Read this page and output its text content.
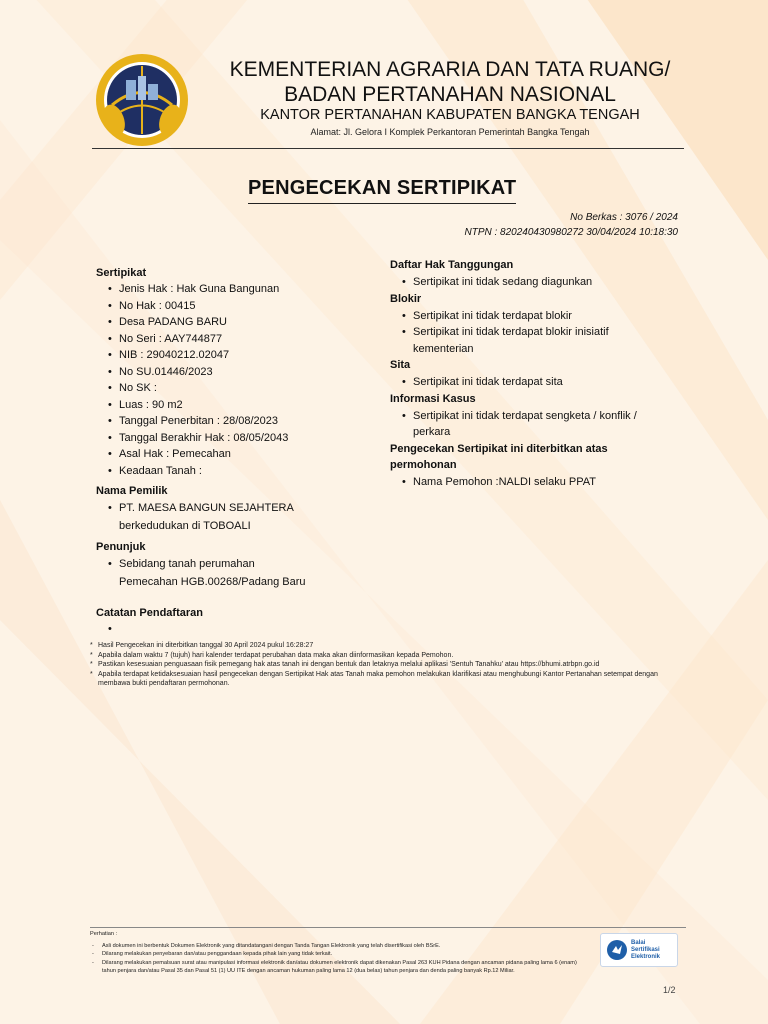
KEMENTERIAN AGRARIA DAN TATA RUANG/
BADAN PERTANAHAN NASIONAL
KANTOR PERTANAHAN KABUPATEN BANGKA TENGAH
Alamat: Jl. Gelora I Komplek Perkantoran Pemerintah Bangka Tengah
PENGECEKAN SERTIPIKAT
No Berkas : 3076 / 2024
NTPN : 820240430980272 30/04/2024 10:18:30
Sertipikat
• Jenis Hak : Hak Guna Bangunan
• No Hak : 00415
• Desa PADANG BARU
• No Seri : AAY744877
• NIB : 29040212.02047
• No SU.01446/2023
• No SK :
• Luas : 90 m2
• Tanggal Penerbitan : 28/08/2023
• Tanggal Berakhir Hak : 08/05/2043
• Asal Hak : Pemecahan
• Keadaan Tanah :
Nama Pemilik
• PT. MAESA BANGUN SEJAHTERA
berkedudukan di TOBOALI
Penunjuk
• Sebidang tanah perumahan
Pemecahan HGB.00268/Padang Baru
Catatan Pendaftaran
•

Daftar Hak Tanggungan
• Sertipikat ini tidak sedang diagunkan
Blokir
• Sertipikat ini tidak terdapat blokir
• Sertipikat ini tidak terdapat blokir inisiatif
kementerian
Sita
• Sertipikat ini tidak terdapat sita
Informasi Kasus
• Sertipikat ini tidak terdapat sengketa / konflik /
perkara
Pengecekan Sertipikat ini diterbitkan atas
permohonan
• Nama Pemohon :NALDI selaku PPAT
* Hasil Pengecekan ini diterbitkan tanggal 30 April 2024 pukul 16:28:27
* Apabila dalam waktu 7 (tujuh) hari kalender terdapat perubahan data maka akan diinformasikan kepada Pemohon.
* Pastikan kesesuaian penguasaan fisik pemegang hak atas tanah ini dengan bentuk dan letaknya melalui aplikasi 'Sentuh Tanahku' atau https://bhumi.atrbpn.go.id
* Apabila terdapat ketidaksesuaian hasil pengecekan dengan Sertipikat Hak atas Tanah maka pemohon melakukan klarifikasi atau menghubungi Kantor Pertanahan setempat dengan membawa bukti pendaftaran permohonan.
Perhatian :
- Asli dokumen ini berbentuk Dokumen Elektronik yang ditandatangani dengan Tanda Tangan Elektronik yang telah disertifikasi oleh BSrE.
- Dilarang melakukan penyebaran dan/atau penggandaan kepada pihak lain yang tidak terkait.
- Dilarang melakukan pemalsuan surat atau manipulasi informasi elektronik dan/atau dokumen elektronik dapat dikenakan Pasal 263 KUH Pidana dengan ancaman pidana paling lama 6 (enam) tahun penjara dan/atau Pasal 35 dan Pasal 51 (1) UU ITE dengan ancaman hukuman paling lama 12 (dua belas) tahun penjara dan denda paling banyak Rp.12 Miliar.
Balai
Sertifikasi
Elektronik
1/2
